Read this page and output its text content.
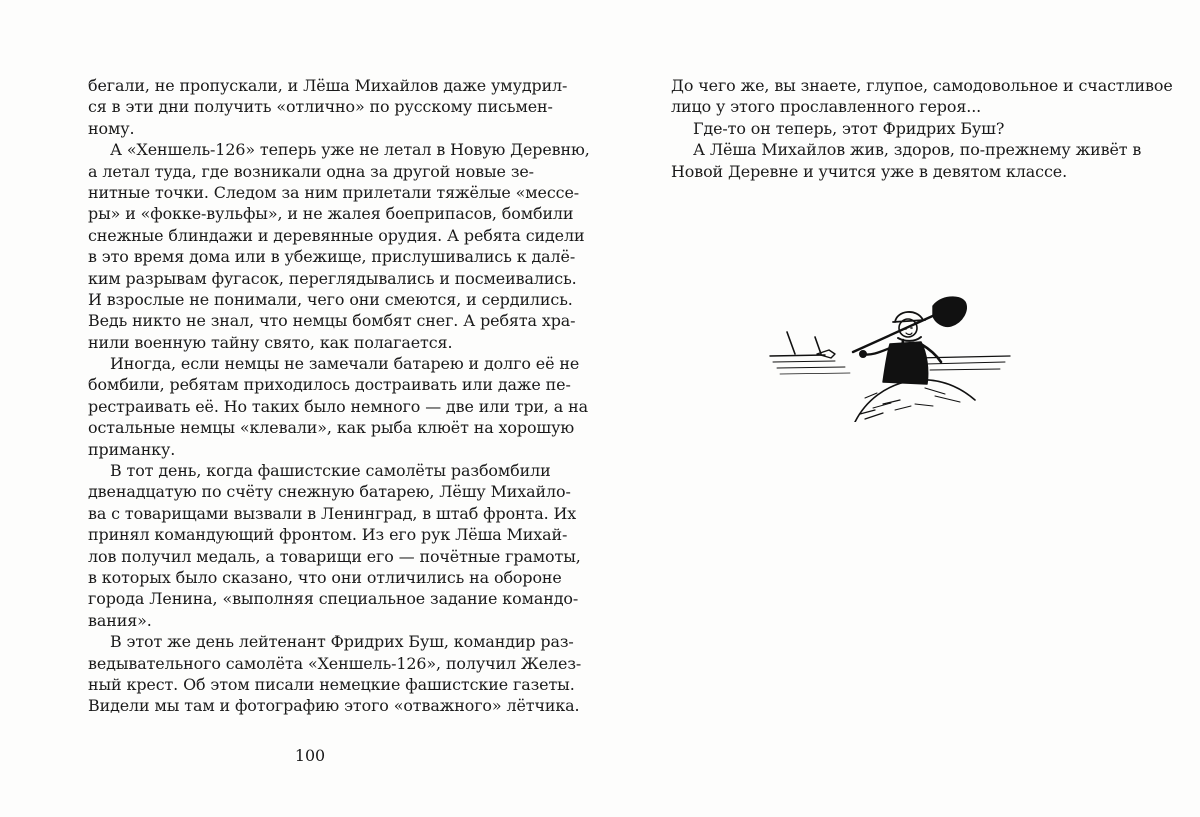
бегали, не пропускали, и Лёша Михайлов даже умудрил-
ся в эти дни получить «отлично» по русскому письмен-
ному.
А «Хеншель-126» теперь уже не летал в Новую Деревню,
а летал туда, где возникали одна за другой новые зе-
нитные точки. Следом за ним прилетали тяжёлые «мессе-
ры» и «фокке-вульфы», и не жалея боеприпасов, бомбили
снежные блиндажи и деревянные орудия. А ребята сидели
в это время дома или в убежище, прислушивались к далё-
ким разрывам фугасок, переглядывались и посмеивались.
И взрослые не понимали, чего они смеются, и сердились.
Ведь никто не знал, что немцы бомбят снег. А ребята хра-
нили военную тайну свято, как полагается.
Иногда, если немцы не замечали батарею и долго её не
бомбили, ребятам приходилось достраивать или даже пе-
рестраивать её. Но таких было немного — две или три, а на
остальные немцы «клевали», как рыба клюёт на хорошую
приманку.
В тот день, когда фашистские самолёты разбомбили
двенадцатую по счёту снежную батарею, Лёшу Михайло-
ва с товарищами вызвали в Ленинград, в штаб фронта. Их
принял командующий фронтом. Из его рук Лёша Михай-
лов получил медаль, а товарищи его — почётные грамоты,
в которых было сказано, что они отличились на обороне
города Ленина, «выполняя специальное задание командо-
вания».
В этот же день лейтенант Фридрих Буш, командир раз-
ведывательного самолёта «Хеншель-126», получил Желез-
ный крест. Об этом писали немецкие фашистские газеты.
Видели мы там и фотографию этого «отважного» лётчика.
100
До чего же, вы знаете, глупое, самодовольное и счастливое
лицо у этого прославленного героя...
Где-то он теперь, этот Фридрих Буш?
А Лёша Михайлов жив, здоров, по-прежнему живёт в
Новой Деревне и учится уже в девятом классе.
